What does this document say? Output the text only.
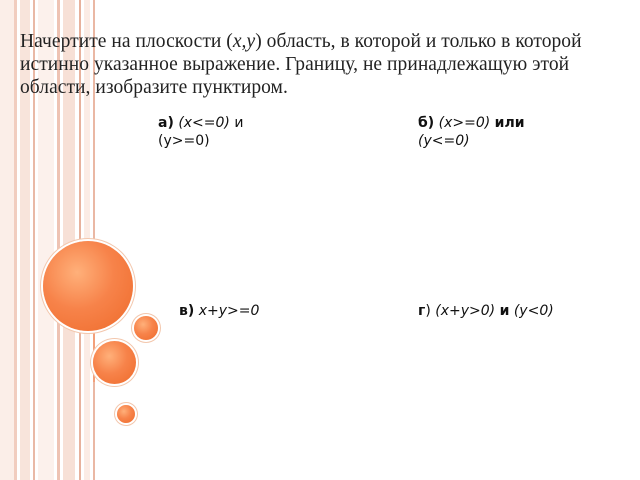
Начертите на плоскости (x,y) область, в которой и только в которой истинно указанное выражение. Границу, не принадлежащую этой области, изобразите пунктиром.
а) (x<=0) и
(y>=0)
б) (x>=0) или
(y<=0)
в) x+y>=0	г) (x+y>0) и (y<0)
